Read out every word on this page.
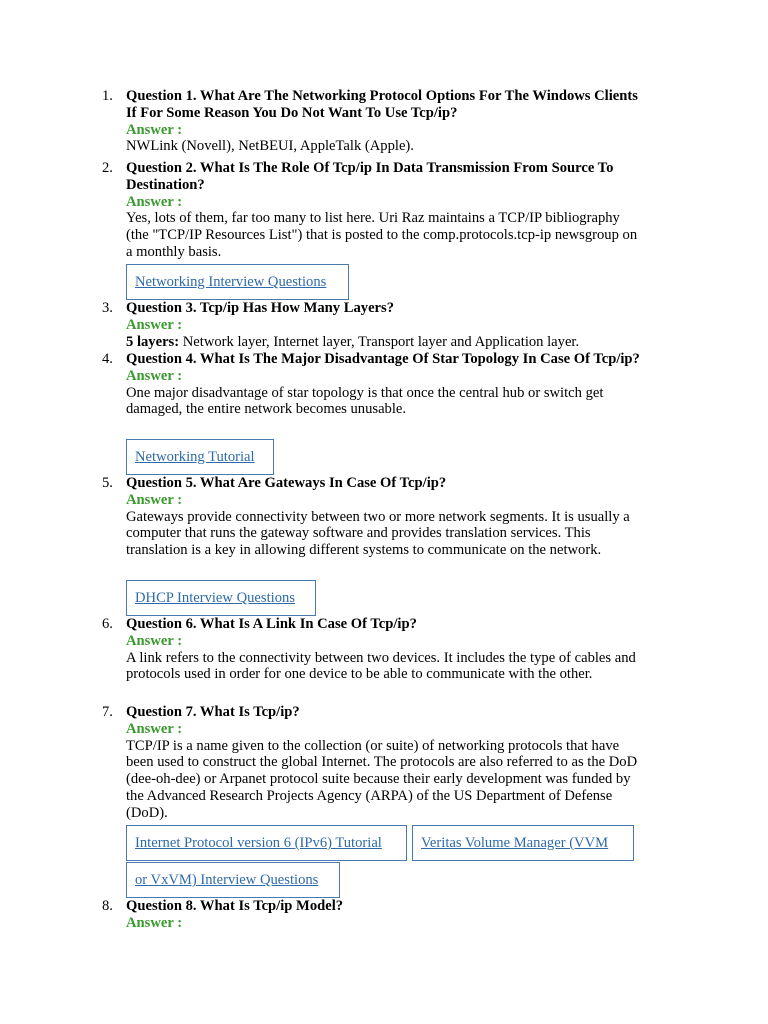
1. Question 1. What Are The Networking Protocol Options For The Windows Clients If For Some Reason You Do Not Want To Use Tcp/ip?
Answer :
NWLink (Novell), NetBEUI, AppleTalk (Apple).
2. Question 2. What Is The Role Of Tcp/ip In Data Transmission From Source To Destination?
Answer :
Yes, lots of them, far too many to list here. Uri Raz maintains a TCP/IP bibliography (the "TCP/IP Resources List") that is posted to the comp.protocols.tcp-ip newsgroup on a monthly basis.
Networking Interview Questions
3. Question 3. Tcp/ip Has How Many Layers?
Answer :
5 layers: Network layer, Internet layer, Transport layer and Application layer.
4. Question 4. What Is The Major Disadvantage Of Star Topology In Case Of Tcp/ip?
Answer :
One major disadvantage of star topology is that once the central hub or switch get damaged, the entire network becomes unusable.
Networking Tutorial
5. Question 5. What Are Gateways In Case Of Tcp/ip?
Answer :
Gateways provide connectivity between two or more network segments. It is usually a computer that runs the gateway software and provides translation services. This translation is a key in allowing different systems to communicate on the network.
DHCP Interview Questions
6. Question 6. What Is A Link In Case Of Tcp/ip?
Answer :
A link refers to the connectivity between two devices. It includes the type of cables and protocols used in order for one device to be able to communicate with the other.
7. Question 7. What Is Tcp/ip?
Answer :
TCP/IP is a name given to the collection (or suite) of networking protocols that have been used to construct the global Internet. The protocols are also referred to as the DoD (dee-oh-dee) or Arpanet protocol suite because their early development was funded by the Advanced Research Projects Agency (ARPA) of the US Department of Defense (DoD).
Internet Protocol version 6 (IPv6) Tutorial	Veritas Volume Manager (VVM
or VxVM) Interview Questions
8. Question 8. What Is Tcp/ip Model?
Answer :
